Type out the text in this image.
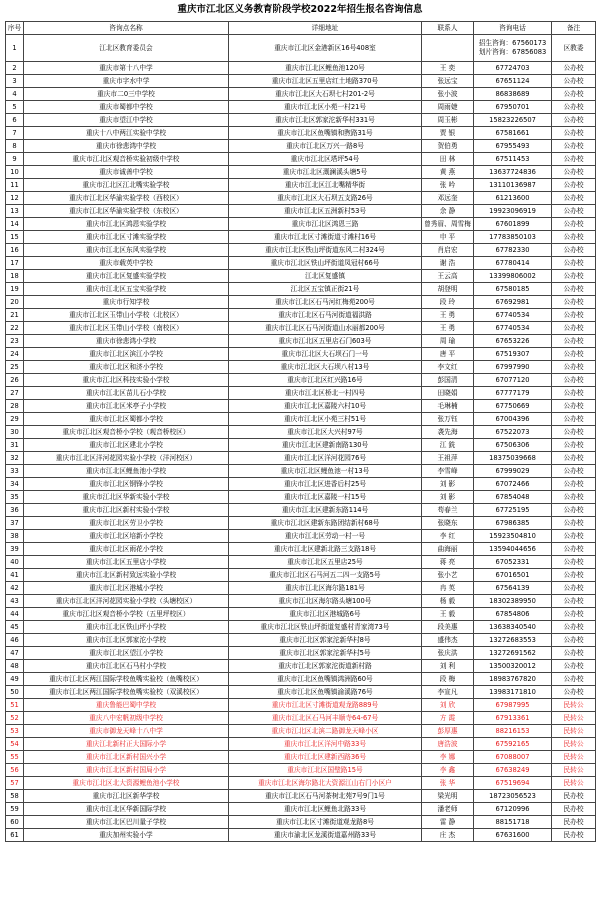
重庆市江北区义务教育阶段学校2022年招生报名咨询信息
序号	咨询点名称	详细地址	联系人	咨询电话	备注
1	江北区教育委员会	重庆市江北区金港新区16号408室		招生咨询：67560173
划片咨询：67856083	区教委
2	重庆市第十八中学	重庆市江北区鲤鱼池120号	王 奕	67724703	公办校
3	重庆市字水中学	重庆市江北区五里店红土地路370号	张远宝	67651124	公办校
4	重庆市二0三中学校	重庆市江北区大石坝七村201-2号	张小波	86838689	公办校
5	重庆市蜀都中学校	重庆市江北区小苑一村21号	周雨婕	67950701	公办校
6	重庆市望江中学校	重庆市江北区郭家沱新华村331号	周玉彬	15823226507	公办校
7	重庆十八中两江实验中学校	重庆市江北区鱼嘴镇和煦路31号	贾 银	67581661	公办校
8	重庆市徐悲鸿中学校	重庆市江北区万兴一路8号	贺伯勇	67955493	公办校
9	重庆市江北区观音桥实验初级中学校	重庆市江北区塔坪54号	田 林	67511453	公办校
10	重庆市诚善中学校	重庆市江北区溉澜溪头塘5号	黄 燕	13637724836	公办校
11	重庆市江北区江北嘴实验学校	重庆市江北区江北嘴精华街	张 吟	13110136987	公办校
12	重庆市江北区华渝实验学校（西校区）	重庆市江北区大石坝五支路26号	邓远奎	61213600	公办校
13	重庆市江北区华渝实验学校（东校区）	重庆市江北区五洲新村53号	余 静	19923096919	公办校
14	重庆市江北区鸿恩实验学校	重庆市江北区鸿恩三路	曾秀眉、周雪梅	67601899	公办校
15	重庆市江北区寸滩实验学校	重庆市江北区寸滩街道寸滩村16号	申 平	17783850103	公办校
16	重庆市江北区东风实验学校	重庆市江北区铁山坪街道东风二村324号	肖启宏	67782330	公办校
17	重庆市载英中学校	重庆市江北区铁山坪街道凤冠村66号	谢 浩	67780414	公办校
18	重庆市江北区复盛实验学校	江北区复盛镇	王云高	13399806002	公办校
19	重庆市江北区五宝实验学校	江北区五宝镇正街21号	胡登明	67580185	公办校
20	重庆市行知学校	重庆市江北区石马河红梅苑200号	段 玲	67692981	公办校
21	重庆市江北区玉带山小学校（北校区）	重庆市江北区石马河街道福洪路	王 勇	67740534	公办校
22	重庆市江北区玉带山小学校（南校区）	重庆市江北区石马河街道山水丽都200号	王 勇	67740534	公办校
23	重庆市徐悲鸿小学校	重庆市江北区五里店石门603号	周 瑜	67653226	公办校
24	重庆市江北区滨江小学校	重庆市江北区大石坝石门一号	唐 平	67519307	公办校
25	重庆市江北区和济小学校	重庆市江北区大石坝八村13号	李文红	67997990	公办校
26	重庆市江北区科技实验小学校	重庆市江北区红兴路16号	彭国清	67077120	公办校
27	重庆市江北区苗儿石小学校	重庆市江北区桥北一村四号	田晓娟	67777179	公办校
28	重庆市江北区米亭子小学校	重庆市江北区嘉陵六村10号	毛琳楠	67750669	公办校
29	重庆市江北区蜀都小学校	重庆市江北区小苑三村51号	张万钰	67004396	公办校
30	重庆市江北区观音桥小学校（观音桥校区）	重庆市江北区大兴村97号	袭先海	67522073	公办校
31	重庆市江北区建北小学校	重庆市江北区建新南路130号	江 銑	67506306	公办校
32	重庆市江北区洋河花园实验小学校（洋河校区）	重庆市江北区洋河花园76号	王祖萍	18375039668	公办校
33	重庆市江北区鲤鱼池小学校	重庆市江北区鲤鱼池一村13号	李雪峰	67999029	公办校
34	重庆市江北区钢锋小学校	重庆市江北区进香后村25号	刘 影	67072466	公办校
35	重庆市江北区华新实验小学校	重庆市江北区嘉陵一村15号	刘 影	67854048	公办校
36	重庆市江北区新村实验小学校	重庆市江北区建新东路114号	苟春兰	67725195	公办校
37	重庆市江北区劳卫小学校	重庆市江北区建新东路团结新村68号	张晓东	67986385	公办校
38	重庆市江北区培新小学校	重庆市江北区劳动一村一号	李 红	15923504810	公办校
39	重庆市江北区雨花小学校	重庆市江北区建新北路三支路18号	曲海丽	13594044656	公办校
40	重庆市江北区五里店小学校	重庆市江北区五里店25号	蒋 亮	67052331	公办校
41	重庆市江北区新村致远实验小学校	重庆市江北区石马河五二四一支路5号	张小艺	67016501	公办校
42	重庆市江北区港城小学校	重庆市江北区海尔路181号	冉 英	67564139	公办校
43	重庆市江北区洋河花园实验小学校（头塘校区）	重庆市江北区海尔路头塘100号	杨 毅	18302389950	公办校
44	重庆市江北区观音桥小学校（五里坪校区）	重庆市江北区港城路6号	王 毅	67854806	公办校
45	重庆市江北区铁山坪小学校	重庆市江北区铁山坪街道复盛村青家湾73号	段美惠	13638340540	公办校
46	重庆市江北区郭家沱小学校	重庆市江北区郭家沱新华村8号	盛伟杰	13272683553	公办校
47	重庆市江北区望江小学校	重庆市江北区郭家沱新华村5号	张庆洪	13272691562	公办校
48	重庆市江北区石马村小学校	重庆市江北区郭家沱街道新村路	刘 利	13500320012	公办校
49	重庆市江北区两江国际学校鱼嘴实验校（鱼嘴校区）	重庆市江北区鱼嘴镇鸿洲路60号	段 梅	18983767820	公办校
50	重庆市江北区两江国际学校鱼嘴实验校（双溪校区）	重庆市江北区鱼嘴镇渝溪路76号	李宣凡	13983171810	公办校
51	重庆鲁能巴蜀中学校	重庆市江北区寸滩街道观龙路889号	刘 欣	67987995	民转公
52	重庆八中宏帆初级中学校	重庆市江北区石马河丰顺寺64-67号	方 霞	67913361	民转公
53	重庆市御龙天峰十八中学	重庆市江北区北滨二路御龙天峰小区	彭厚惠	88216153	民转公
54	重庆江北新村正大国际小学	重庆市江北区洋河中路33号	唐浩波	67592165	民转公
55	重庆市江北区新村国兴小学	重庆市江北区建新西路36号	李 娜	67088007	民转公
56	重庆市江北区新村国局小学	重庆市江北区国璧路15号	李 鑫	67638249	民转公
57	重庆市江北区北大资源鲤鱼池小学校	重庆市江北区海尔路北大资源江山右门小区户	张 华	67519694	民转公
58	重庆市江北区新华学校	重庆市江北区石马河茶树北苑7号9门1号	梁光明	18723056523	民办校
59	重庆市江北区华新国际学校	重庆市江北区鲤鱼北路33号	潘老师	67120996	民办校
60	重庆市江北区巴川量子学校	重庆市江北区寸滩街道观龙路8号	雷 静	88151718	民办校
61	重庆加州实验小学	重庆市渝北区龙溪街道嘉州路33号	庄 杰	67631600	民办校
